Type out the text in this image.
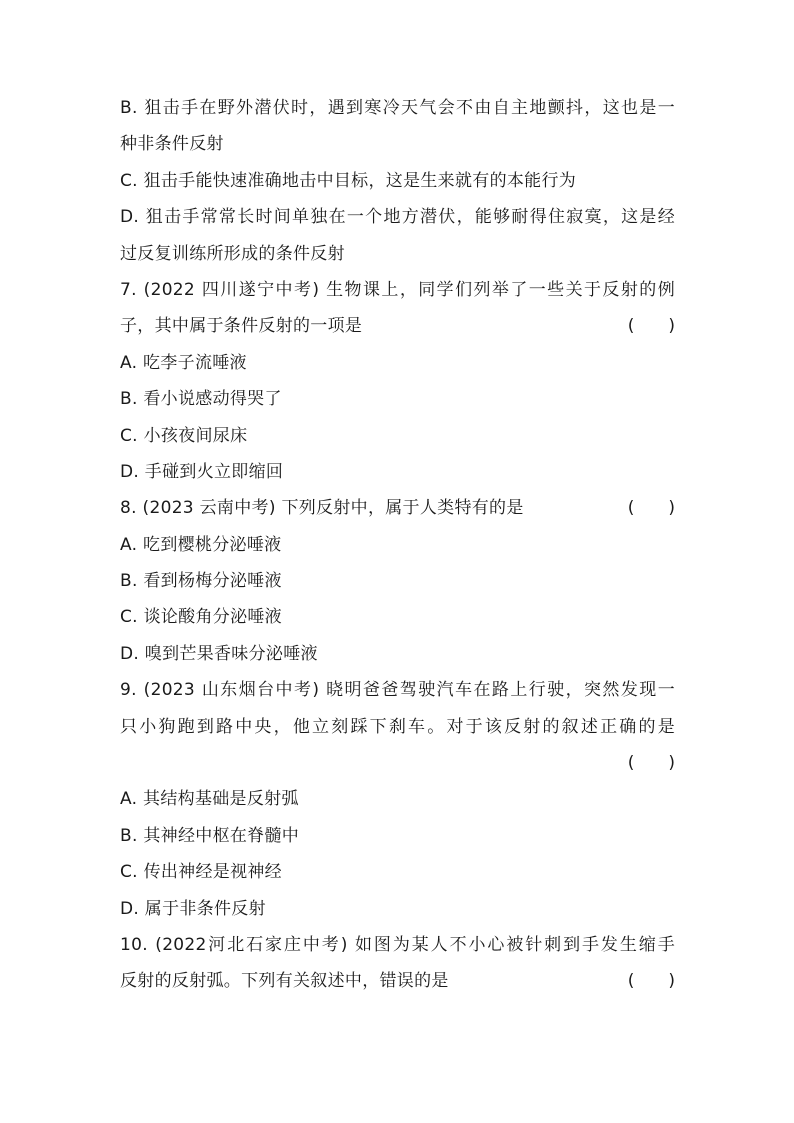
B. 狙击手在野外潜伏时，遇到寒冷天气会不由自主地颤抖，这也是一
种非条件反射
C. 狙击手能快速准确地击中目标，这是生来就有的本能行为
D. 狙击手常常长时间单独在一个地方潜伏，能够耐得住寂寞，这是经
过反复训练所形成的条件反射
7. (2022 四川遂宁中考) 生物课上，同学们列举了一些关于反射的例
子，其中属于条件反射的一项是	(　　)
A. 吃李子流唾液
B. 看小说感动得哭了
C. 小孩夜间尿床
D. 手碰到火立即缩回
8. (2023 云南中考) 下列反射中，属于人类特有的是	(　　)
A. 吃到樱桃分泌唾液
B. 看到杨梅分泌唾液
C. 谈论酸角分泌唾液
D. 嗅到芒果香味分泌唾液
9. (2023 山东烟台中考) 晓明爸爸驾驶汽车在路上行驶，突然发现一
只小狗跑到路中央，他立刻踩下刹车。对于该反射的叙述正确的是
(　　)
A. 其结构基础是反射弧
B. 其神经中枢在脊髓中
C. 传出神经是视神经
D. 属于非条件反射
10. (2022河北石家庄中考) 如图为某人不小心被针刺到手发生缩手
反射的反射弧。下列有关叙述中，错误的是	(　　)
